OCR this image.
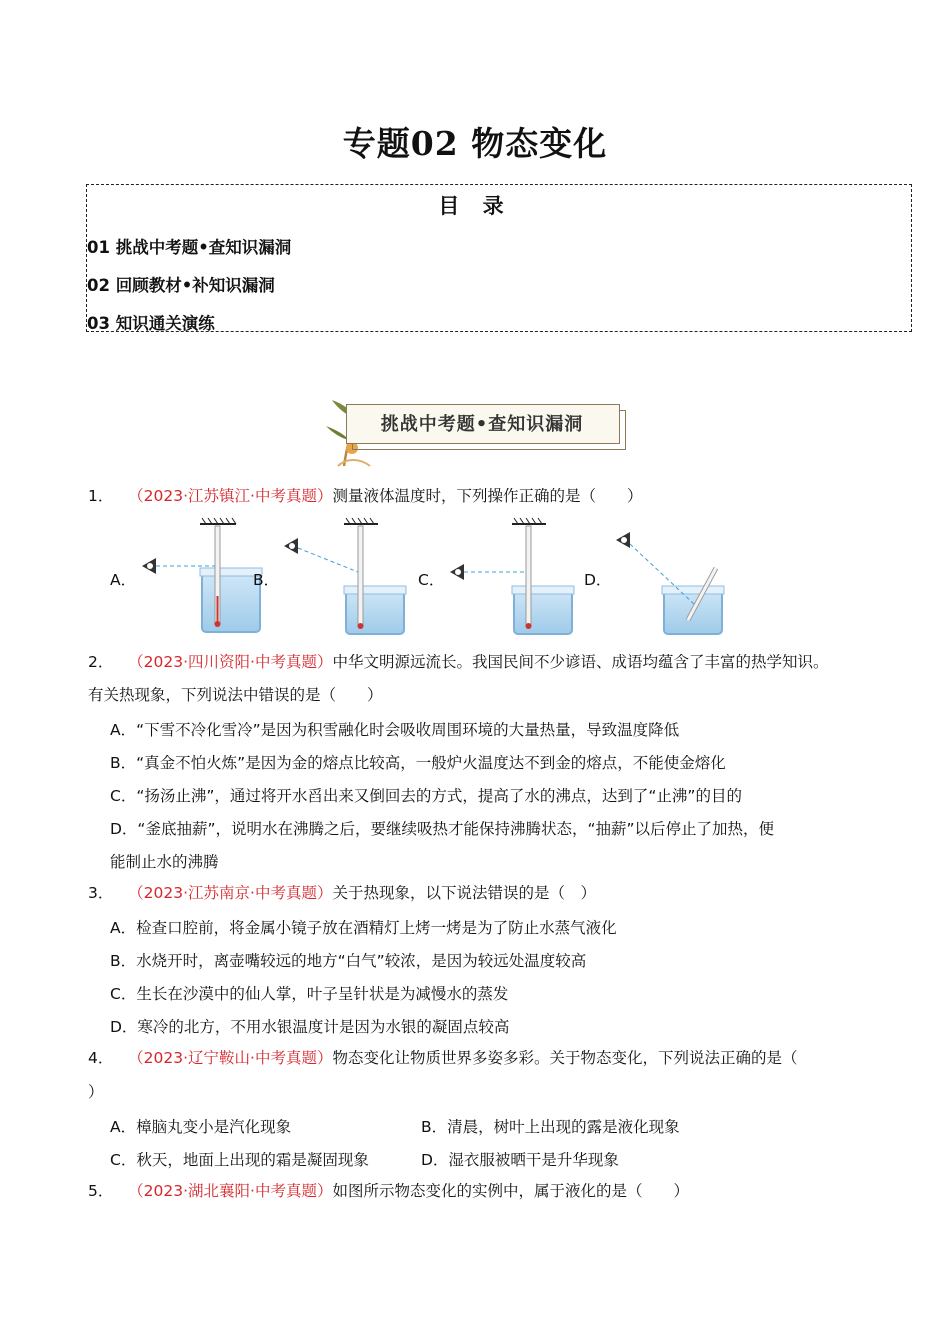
专题02 物态变化
目 录
01 挑战中考题•查知识漏洞
02 回顾教材•补知识漏洞
03 知识通关演练
挑战中考题•查知识漏洞
1． （2023·江苏镇江·中考真题）测量液体温度时，下列操作正确的是（　　）
A．	B．	C．	D．
2． （2023·四川资阳·中考真题）中华文明源远流长。我国民间不少谚语、成语均蕴含了丰富的热学知识。
有关热现象，下列说法中错误的是（　　）
A．“下雪不冷化雪冷”是因为积雪融化时会吸收周围环境的大量热量，导致温度降低
B．“真金不怕火炼”是因为金的熔点比较高，一般炉火温度达不到金的熔点，不能使金熔化
C．“扬汤止沸”，通过将开水舀出来又倒回去的方式，提高了水的沸点，达到了“止沸”的目的
D．“釜底抽薪”，说明水在沸腾之后，要继续吸热才能保持沸腾状态，“抽薪”以后停止了加热，便
能制止水的沸腾
3． （2023·江苏南京·中考真题）关于热现象，以下说法错误的是（　）
A．检查口腔前，将金属小镜子放在酒精灯上烤一烤是为了防止水蒸气液化
B．水烧开时，离壶嘴较远的地方“白气”较浓，是因为较远处温度较高
C．生长在沙漠中的仙人掌，叶子呈针状是为减慢水的蒸发
D．寒冷的北方，不用水银温度计是因为水银的凝固点较高
4． （2023·辽宁鞍山·中考真题）物态变化让物质世界多姿多彩。关于物态变化，下列说法正确的是（
）
A．樟脑丸变小是汽化现象	B．清晨，树叶上出现的露是液化现象
C．秋天，地面上出现的霜是凝固现象	D．湿衣服被晒干是升华现象
5． （2023·湖北襄阳·中考真题）如图所示物态变化的实例中，属于液化的是（　　）
